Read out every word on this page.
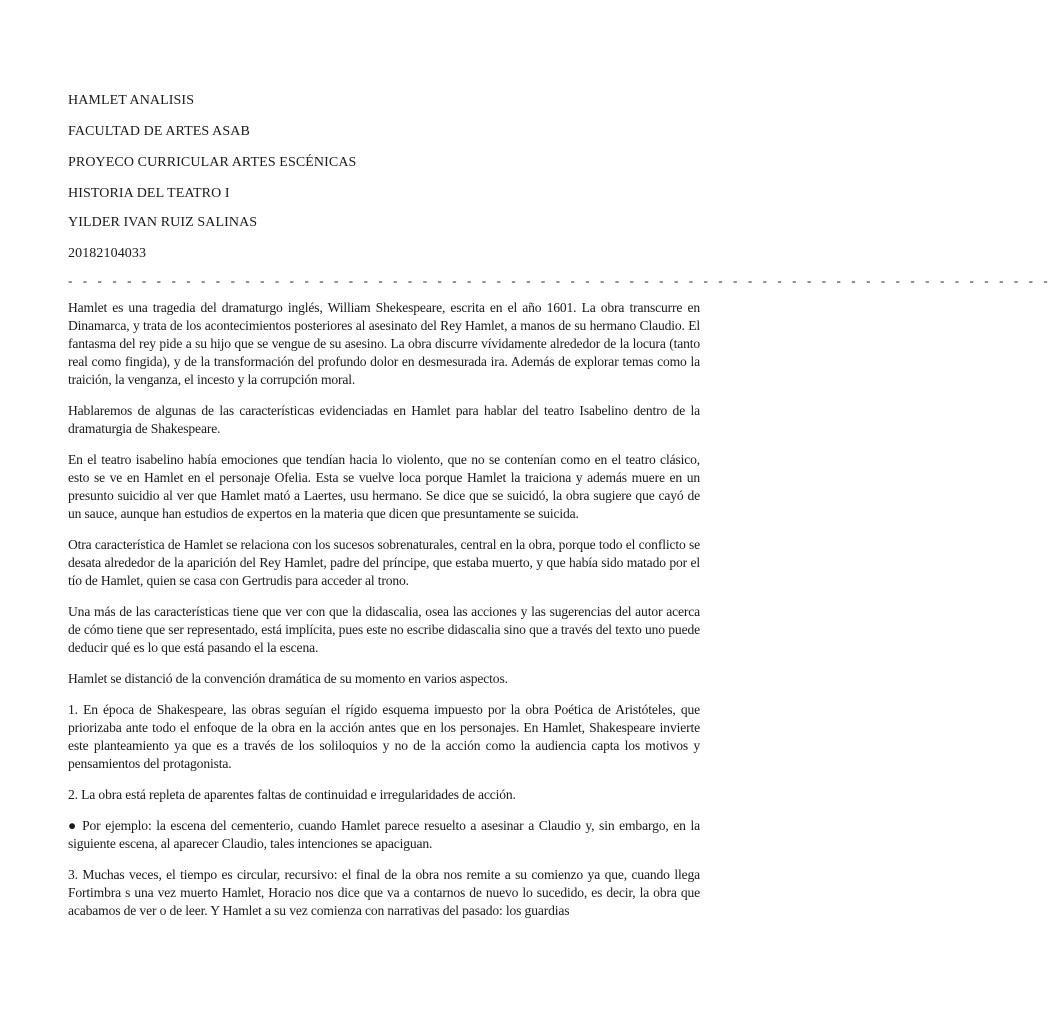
HAMLET ANALISIS
FACULTAD DE ARTES ASAB
PROYECO CURRICULAR ARTES ESCÉNICAS
HISTORIA DEL TEATRO I
YILDER IVAN RUIZ SALINAS
20182104033
- - - - - - - - - - - - - - - - - - - - - - - - - - - - - - - - - - - - - - - - - - - - - - - - - - - - - - - - - - - - - - - - - - -

Hamlet es una tragedia del dramaturgo inglés, William Shekespeare, escrita en el año 1601. La obra transcurre en Dinamarca, y trata de los acontecimientos posteriores al asesinato del Rey Hamlet, a manos de su hermano Claudio. El fantasma del rey pide a su hijo que se vengue de su asesino. La obra discurre vívidamente alrededor de la locura (tanto real como fingida), y de la transformación del profundo dolor en desmesurada ira. Además de explorar temas como la traición, la venganza, el incesto y la corrupción moral.

Hablaremos de algunas de las características evidenciadas en Hamlet para hablar del teatro Isabelino dentro de la dramaturgia de Shakespeare.

En el teatro isabelino había emociones que tendían hacia lo violento, que no se contenían como en el teatro clásico, esto se ve en Hamlet en el personaje Ofelia. Esta se vuelve loca porque Hamlet la traiciona y además muere en un presunto suicidio al ver que Hamlet mató a Laertes, usu hermano. Se dice que se suicidó, la obra sugiere que cayó de un sauce, aunque han estudios de expertos en la materia que dicen que presuntamente se suicida.

Otra característica de Hamlet se relaciona con los sucesos sobrenaturales, central en la obra, porque todo el conflicto se desata alrededor de la aparición del Rey Hamlet, padre del príncipe, que estaba muerto, y que había sido matado por el tío de Hamlet, quien se casa con Gertrudis para acceder al trono.

Una más de las características tiene que ver con que la didascalia, osea las acciones y las sugerencias del autor acerca de cómo tiene que ser representado, está implícita, pues este no escribe didascalia sino que a través del texto uno puede deducir qué es lo que está pasando el la escena.

Hamlet se distanció de la convención dramática de su momento en varios aspectos.

1. En época de Shakespeare, las obras seguían el rígido esquema impuesto por la obra Poética de Aristóteles, que priorizaba ante todo el enfoque de la obra en la acción antes que en los personajes. En Hamlet, Shakespeare invierte este planteamiento ya que es a través de los soliloquios y no de la acción como la audiencia capta los motivos y pensamientos del protagonista.

2. La obra está repleta de aparentes faltas de continuidad e irregularidades de acción.

● Por ejemplo: la escena del cementerio, cuando Hamlet parece resuelto a asesinar a Claudio y, sin embargo, en la siguiente escena, al aparecer Claudio, tales intenciones se apaciguan.

3. Muchas veces, el tiempo es circular, recursivo: el final de la obra nos remite a su comienzo ya que, cuando llega Fortimbra s una vez muerto Hamlet, Horacio nos dice que va a contarnos de nuevo lo sucedido, es decir, la obra que acabamos de ver o de leer. Y Hamlet a su vez comienza con narrativas del pasado: los guardias
